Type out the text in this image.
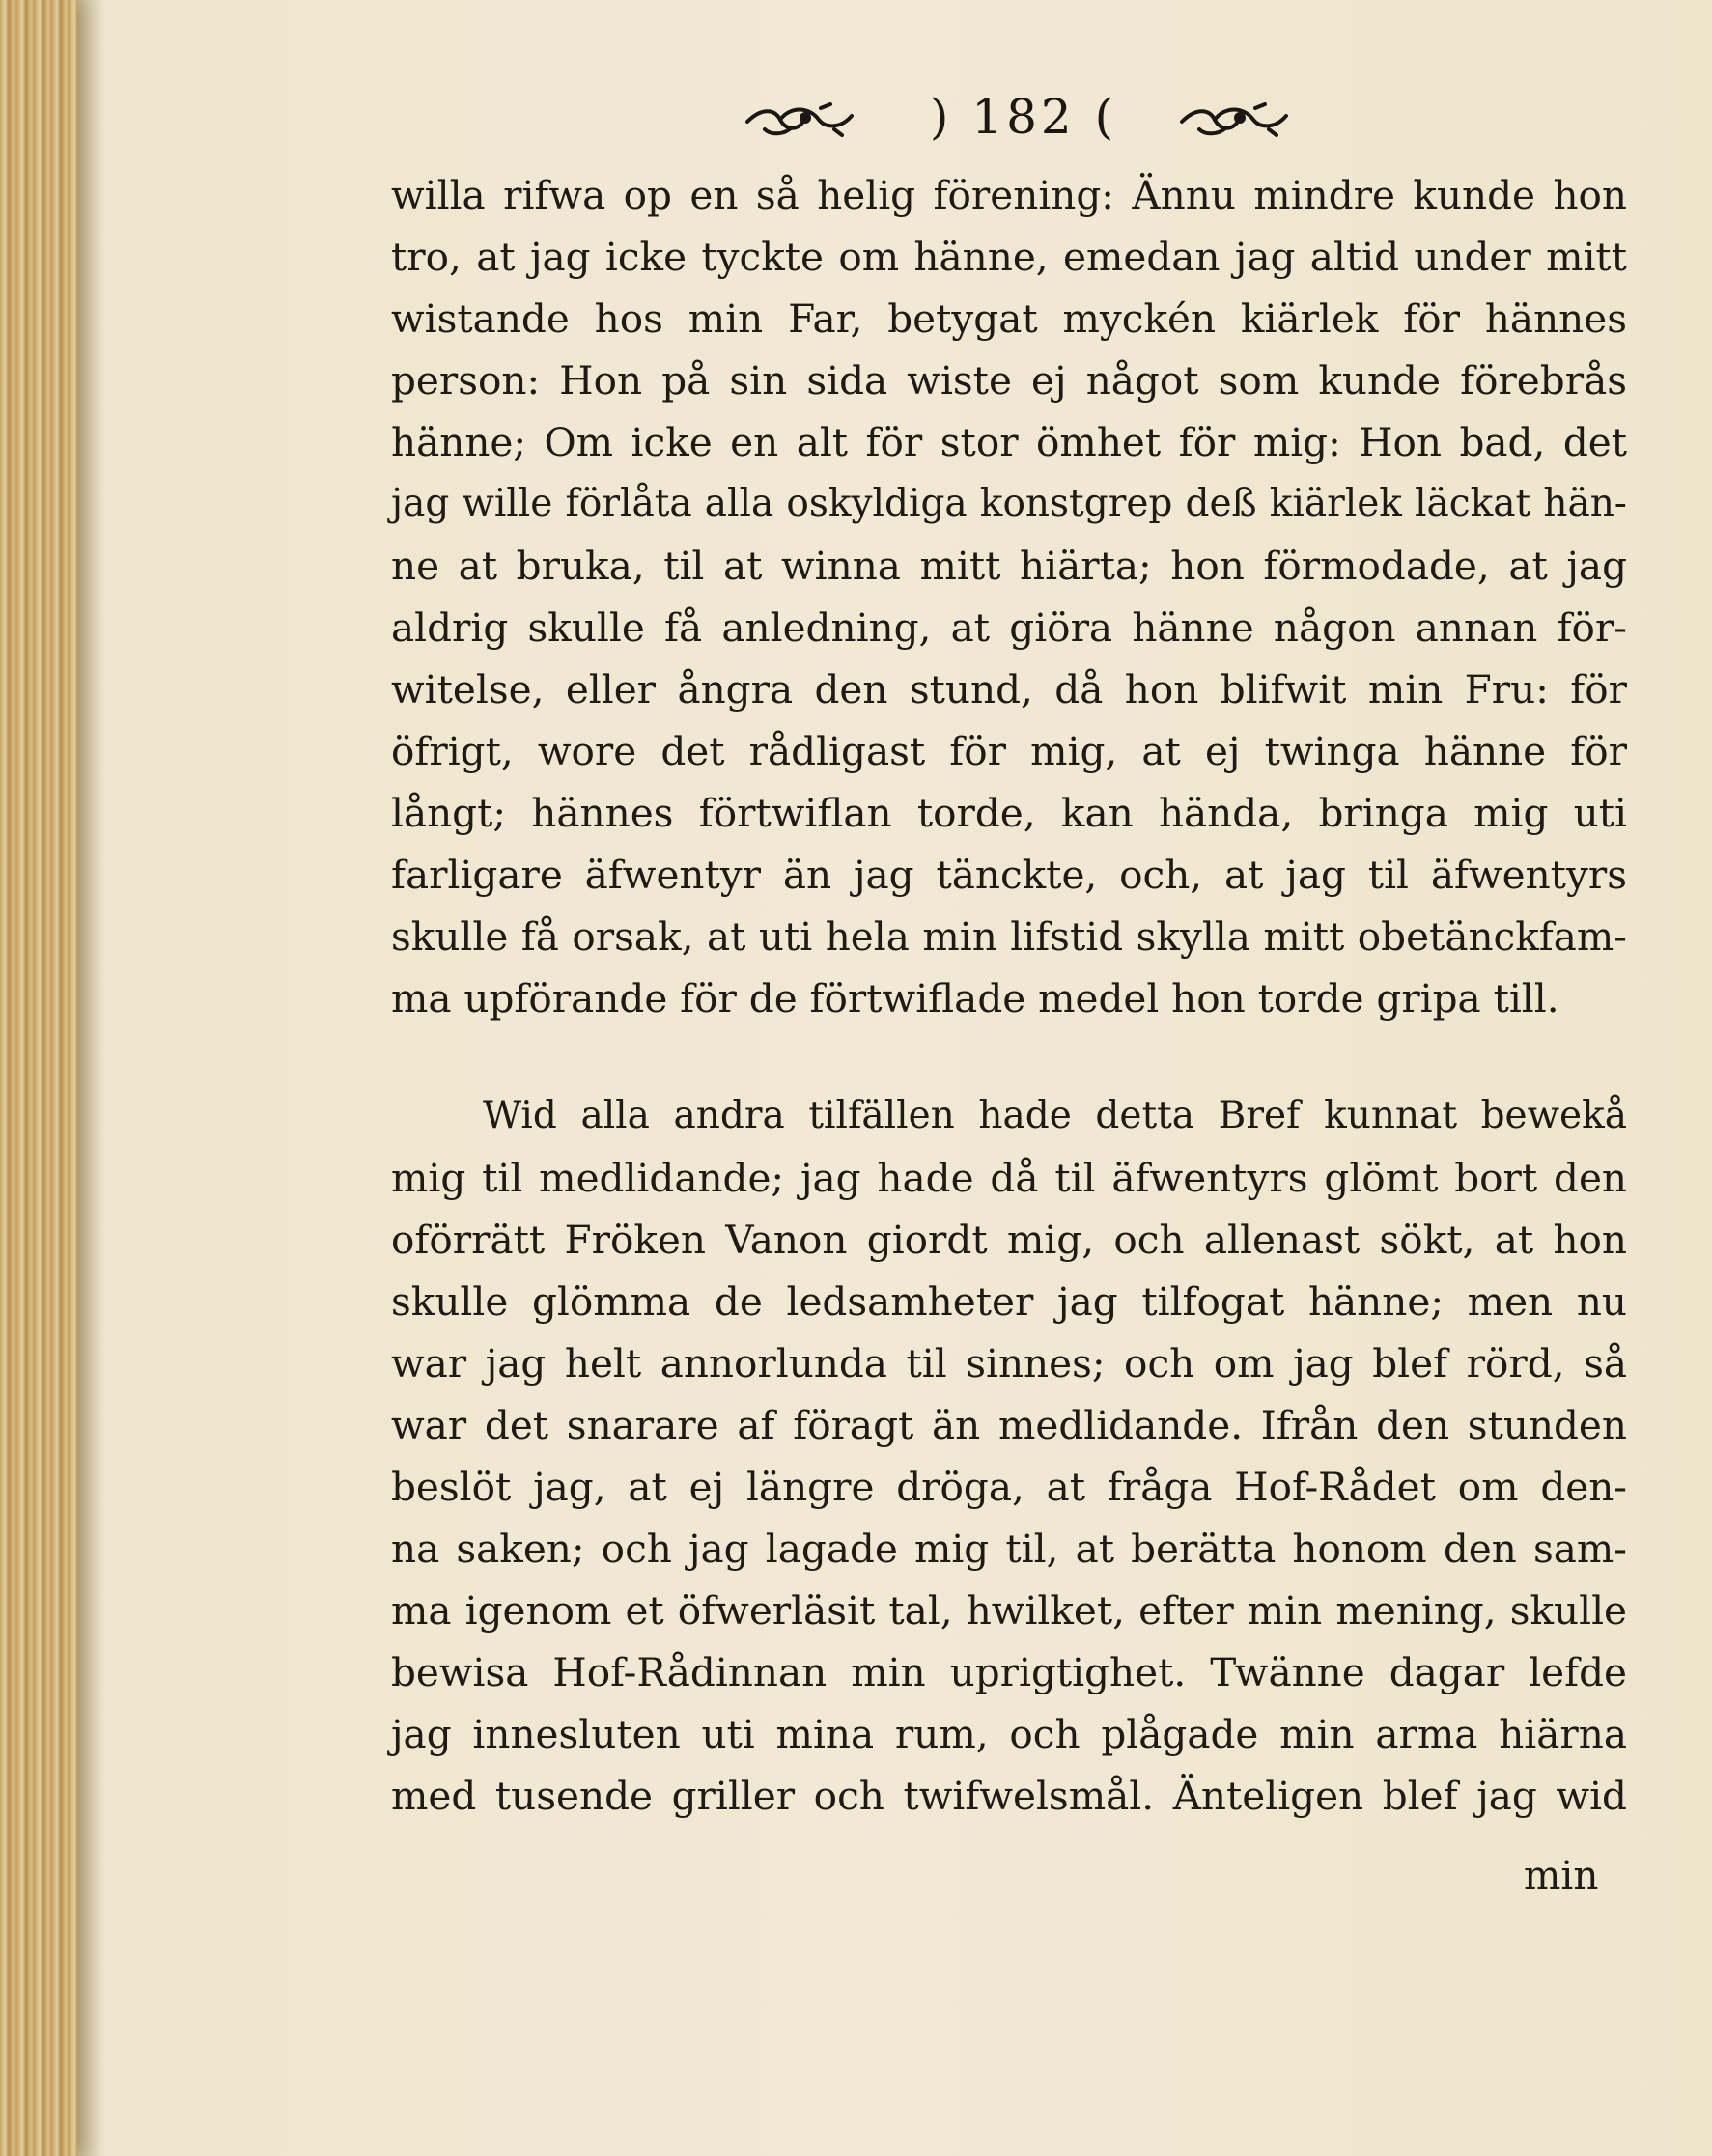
) 182 (
willa rifwa op en så helig förening: Ännu mindre kunde hon
tro, at jag icke tyckte om hänne, emedan jag altid under mitt
wistande hos min Far, betygat myckén kiärlek för hännes
person: Hon på sin sida wiste ej något som kunde förebrås
hänne; Om icke en alt för stor ömhet för mig: Hon bad, det
jag wille förlåta alla oskyldiga konstgrep deß kiärlek läckat hän-
ne at bruka, til at winna mitt hiärta; hon förmodade, at jag
aldrig skulle få anledning, at giöra hänne någon annan för-
witelse, eller ångra den stund, då hon blifwit min Fru: för
öfrigt, wore det rådligast för mig, at ej twinga hänne för
långt; hännes förtwiflan torde, kan hända, bringa mig uti
farligare äfwentyr än jag tänckte, och, at jag til äfwentyrs
skulle få orsak, at uti hela min lifstid skylla mitt obetänckfam-
ma upförande för de förtwiflade medel hon torde gripa till.
Wid alla andra tilfällen hade detta Bref kunnat bewekå
mig til medlidande; jag hade då til äfwentyrs glömt bort den
oförrätt Fröken Vanon giordt mig, och allenast sökt, at hon
skulle glömma de ledsamheter jag tilfogat hänne; men nu
war jag helt annorlunda til sinnes; och om jag blef rörd, så
war det snarare af föragt än medlidande. Ifrån den stunden
beslöt jag, at ej längre dröga, at fråga Hof-Rådet om den-
na saken; och jag lagade mig til, at berätta honom den sam-
ma igenom et öfwerläsit tal, hwilket, efter min mening, skulle
bewisa Hof-Rådinnan min uprigtighet. Twänne dagar lefde
jag innesluten uti mina rum, och plågade min arma hiärna
med tusende griller och twifwelsmål. Änteligen blef jag wid
min
